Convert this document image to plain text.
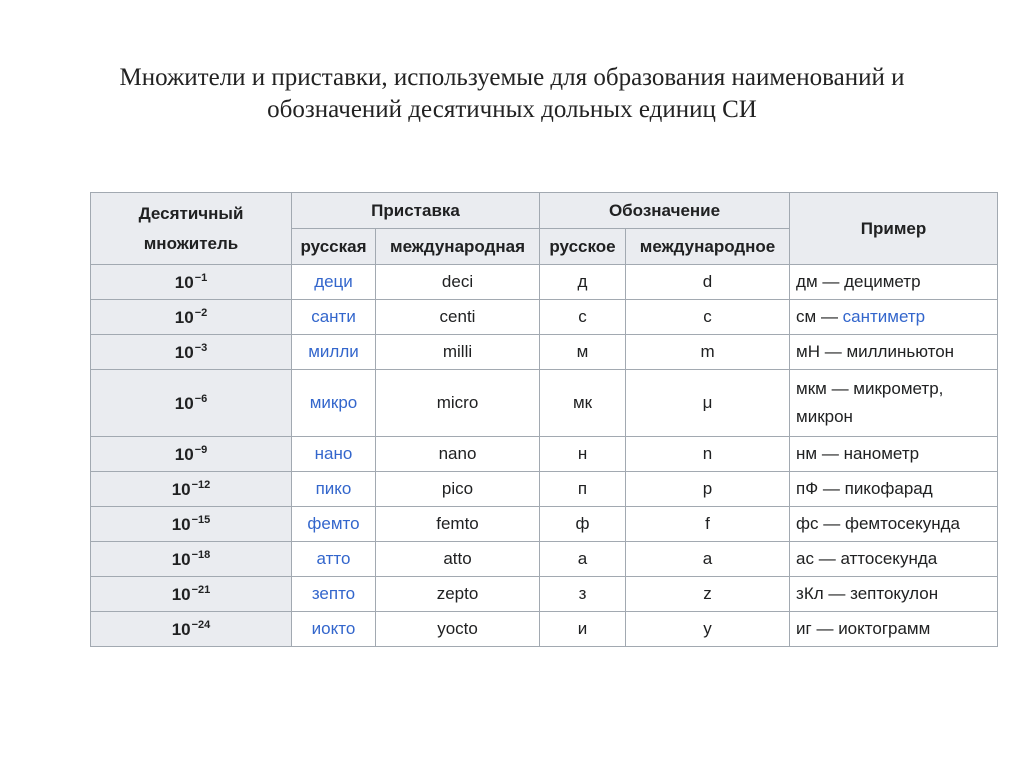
Множители и приставки, используемые для образования наименований и
обозначений десятичных дольных единиц СИ
Десятичный множитель	Приставка		Обозначение		Пример
	русская	международная	русское	международное	
$10^{-1}$	деци	deci	д	d	дм — дециметр
$10^{-2}$	санти	centi	с	c	см — сантиметр
$10^{-3}$	милли	milli	м	m	мН — миллиньютон
$10^{-6}$	микро	micro	мк	μ	мкм — микрометр, микрон
$10^{-9}$	нано	nano	н	n	нм — нанометр
$10^{-12}$	пико	pico	п	p	пФ — пикофарад
$10^{-15}$	фемто	femto	ф	f	фс — фемтосекунда
$10^{-18}$	атто	atto	а	a	ас — аттосекунда
$10^{-21}$	зепто	zepto	з	z	зКл — зептокулон
$10^{-24}$	иокто	yocto	и	y	иг — иоктограмм
